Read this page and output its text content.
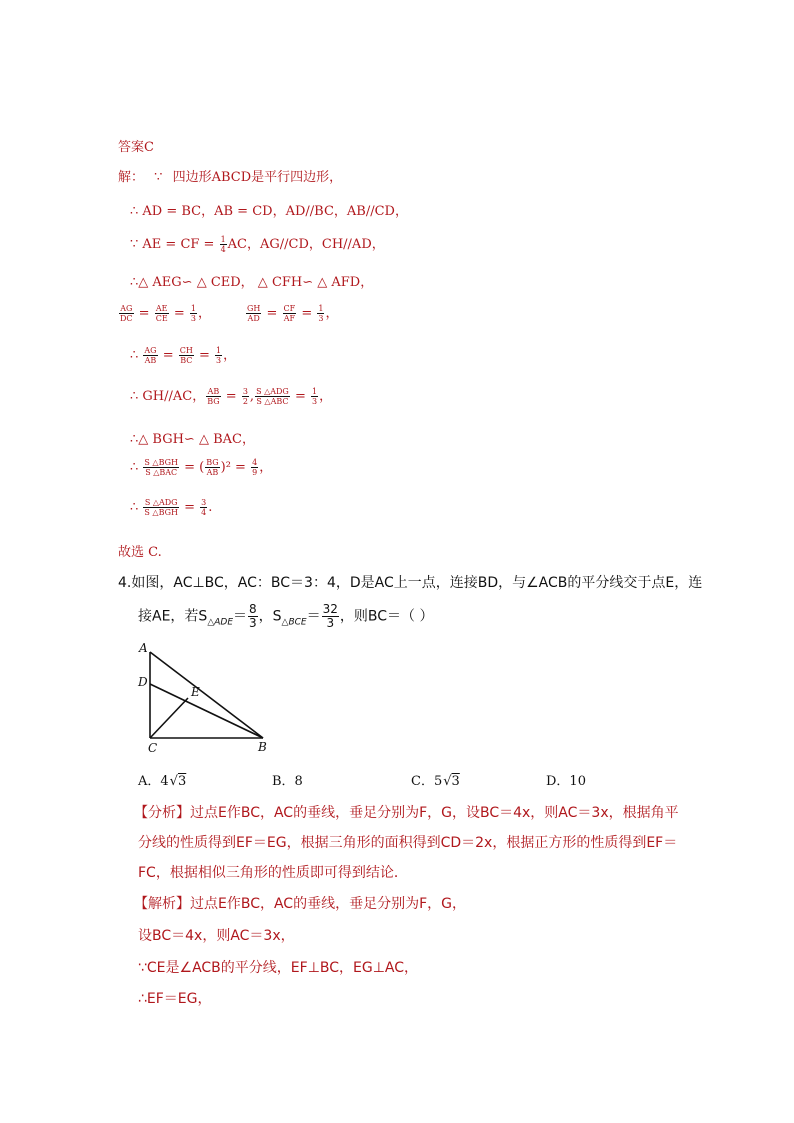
答案C
解： ∵ 四边形ABCD是平行四边形，
∴ AD = BC，AB = CD，AD//BC，AB//CD，
∵ AE = CF = $\frac{1}{4}$ AC，AG//CD，CH//AD，
∴△ AEG∽ △ CED， △ CFH∽ △ AFD，
$\frac{AG}{DC} = \frac{AE}{CE} = \frac{1}{3}$ ，	$\frac{GH}{AD} = \frac{CF}{AF} = \frac{1}{3}$ ，
∴ $\frac{AG}{AB} = \frac{CH}{BC} = \frac{1}{3}$ ，
∴ GH//AC， $\frac{AB}{BG} = \frac{3}{2}$ , $\frac{\text{S △ADG}}{\text{S △ABC}} = \frac{1}{3}$ ，
∴△ BGH∽ △ BAC，
∴ $\frac{\text{S △BGH}}{\text{S △BAC}}$ = ( $\frac{BG}{AB} )^2 = \frac{4}{9}$ ，
∴ $\frac{\text{S △ADG}}{\text{S △BGH}} = \frac{3}{4}$ .
故选 C.
4.如图，AC⊥BC，AC：BC＝3：4，D是AC上一点，连接BD，与∠ACB的平分线交于点E，连
接AE，若$S_{\triangle ADE}= \frac{8}{3}$ ，$S_{\triangle BCE}= \frac{32}{3}$ ，则BC＝（ ）
A
D
E
C	B
A．4√3	B．8	C．5√3	D．10
【分析】过点E作BC，AC的垂线，垂足分别为F，G，设BC＝4x，则AC＝3x，根据角平
分线的性质得到EF＝EG，根据三角形的面积得到CD＝2x，根据正方形的性质得到EF＝
FC，根据相似三角形的性质即可得到结论．
【解析】过点E作BC，AC的垂线，垂足分别为F，G，
设BC＝4x，则AC＝3x，
∵CE是∠ACB的平分线，EF⊥BC，EG⊥AC，
∴EF＝EG，
